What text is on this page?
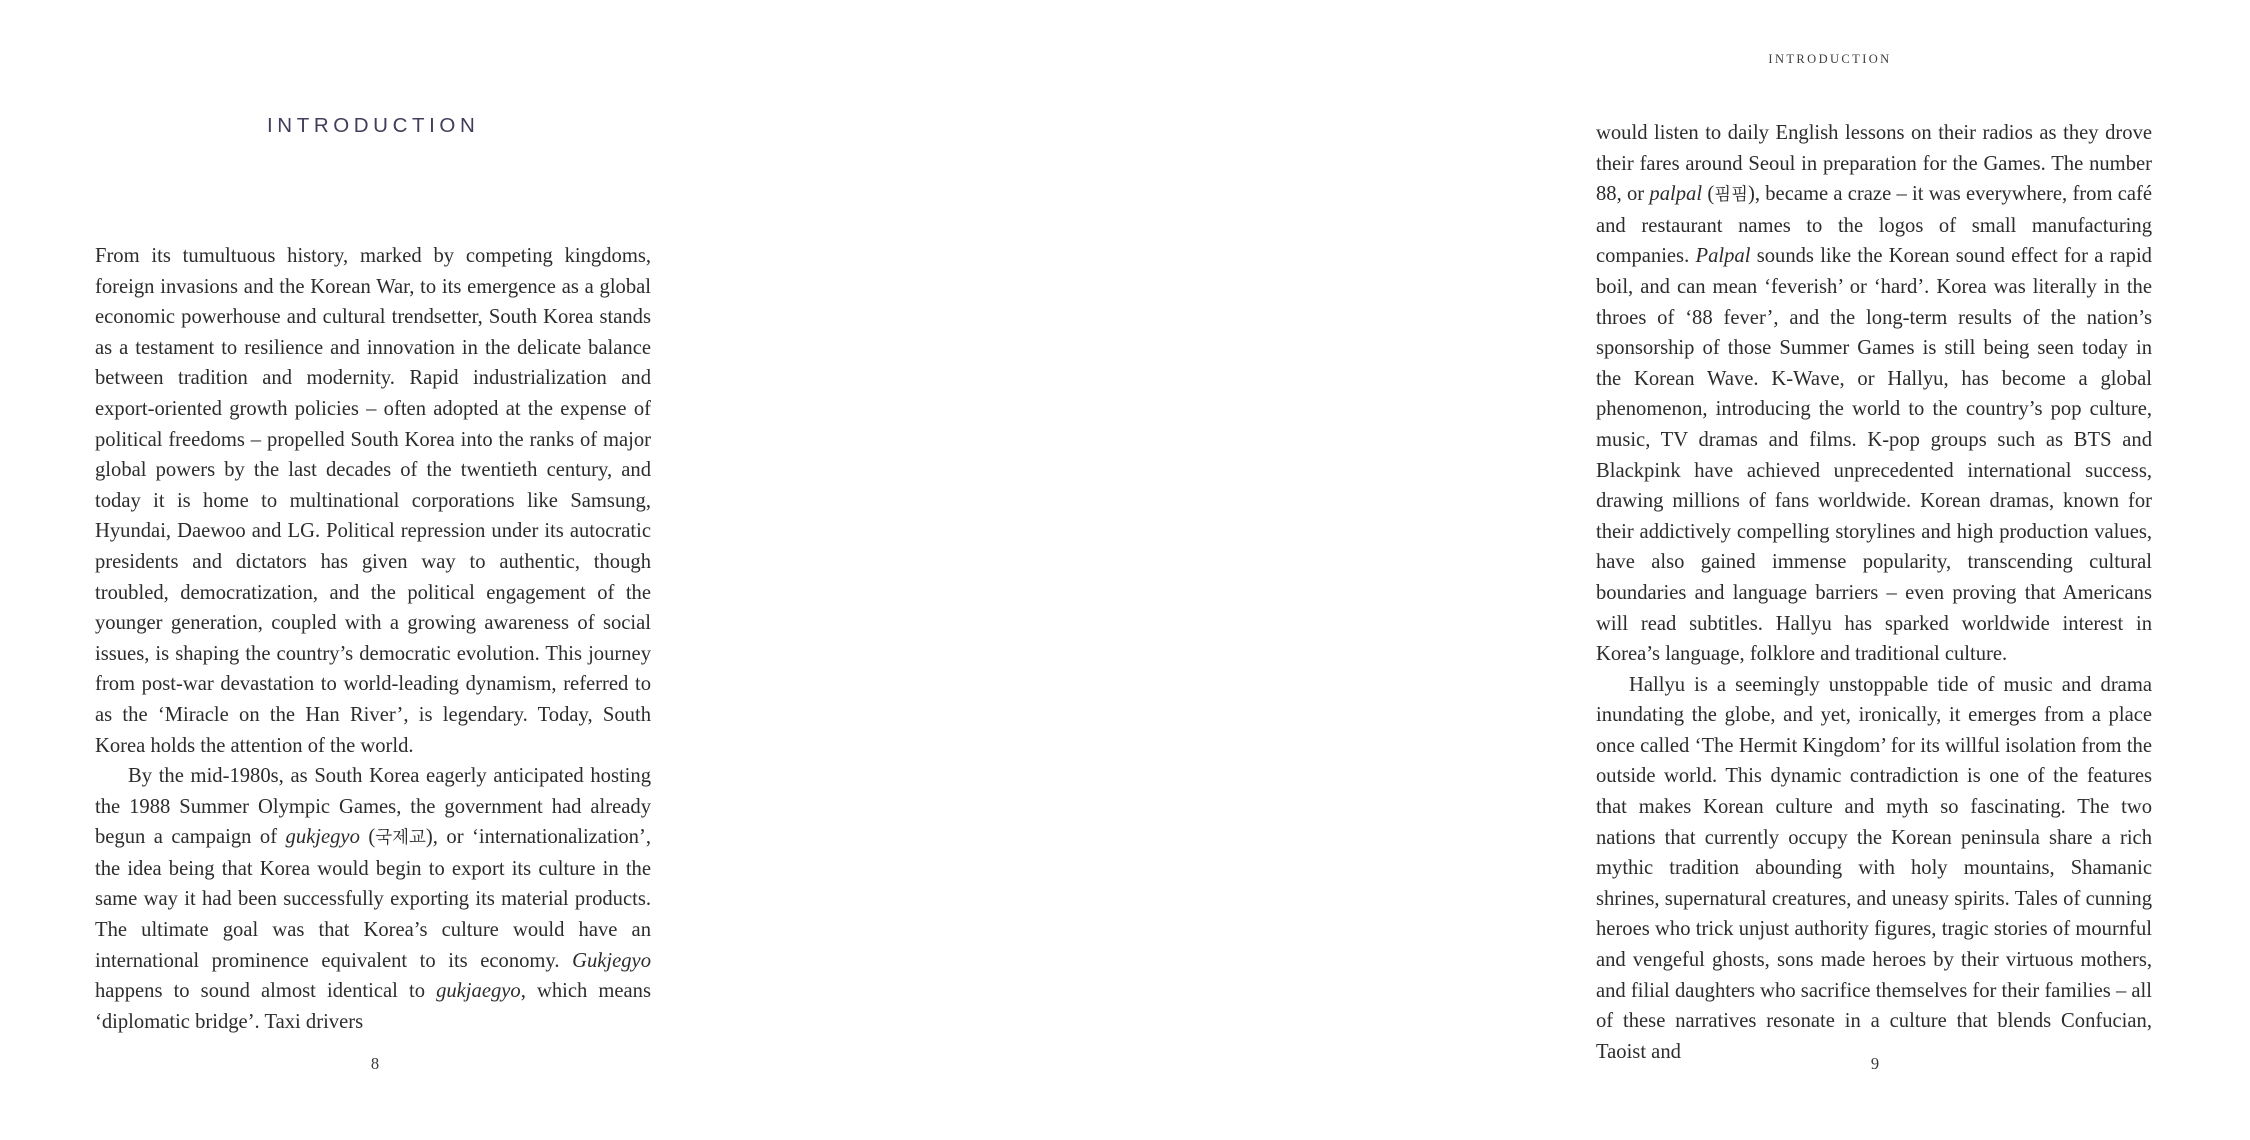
INTRODUCTION

From its tumultuous history, marked by competing kingdoms, foreign invasions and the Korean War, to its emergence as a global economic powerhouse and cultural trendsetter, South Korea stands as a testament to resilience and innovation in the delicate balance between tradition and modernity. Rapid industrialization and export-oriented growth policies – often adopted at the expense of political freedoms – propelled South Korea into the ranks of major global powers by the last decades of the twentieth century, and today it is home to multinational corporations like Samsung, Hyundai, Daewoo and LG. Political repression under its autocratic presidents and dictators has given way to authentic, though troubled, democratization, and the political engagement of the younger generation, coupled with a growing awareness of social issues, is shaping the country’s democratic evolution. This journey from post-war devastation to world-leading dynamism, referred to as the ‘Miracle on the Han River’, is legendary. Today, South Korea holds the attention of the world.

By the mid-1980s, as South Korea eagerly anticipated hosting the 1988 Summer Olympic Games, the government had already begun a campaign of gukjegyo (국제교), or ‘internationalization’, the idea being that Korea would begin to export its culture in the same way it had been successfully exporting its material products. The ultimate goal was that Korea’s culture would have an international prominence equivalent to its economy. Gukjegyo happens to sound almost identical to gukjaegyo, which means ‘diplomatic bridge’. Taxi drivers

8
INTRODUCTION

would listen to daily English lessons on their radios as they drove their fares around Seoul in preparation for the Games. The number 88, or palpal (핌핌), became a craze – it was everywhere, from café and restaurant names to the logos of small manufacturing companies. Palpal sounds like the Korean sound effect for a rapid boil, and can mean ‘feverish’ or ‘hard’. Korea was literally in the throes of ‘88 fever’, and the long-term results of the nation’s sponsorship of those Summer Games is still being seen today in the Korean Wave. K-Wave, or Hallyu, has become a global phenomenon, introducing the world to the country’s pop culture, music, TV dramas and films. K-pop groups such as BTS and Blackpink have achieved unprecedented international success, drawing millions of fans worldwide. Korean dramas, known for their addictively compelling storylines and high production values, have also gained immense popularity, transcending cultural boundaries and language barriers – even proving that Americans will read subtitles. Hallyu has sparked worldwide interest in Korea’s language, folklore and traditional culture.

Hallyu is a seemingly unstoppable tide of music and drama inundating the globe, and yet, ironically, it emerges from a place once called ‘The Hermit Kingdom’ for its willful isolation from the outside world. This dynamic contradiction is one of the features that makes Korean culture and myth so fascinating. The two nations that currently occupy the Korean peninsula share a rich mythic tradition abounding with holy mountains, Shamanic shrines, supernatural creatures, and uneasy spirits. Tales of cunning heroes who trick unjust authority figures, tragic stories of mournful and vengeful ghosts, sons made heroes by their virtuous mothers, and filial daughters who sacrifice themselves for their families – all of these narratives resonate in a culture that blends Confucian, Taoist and

9
